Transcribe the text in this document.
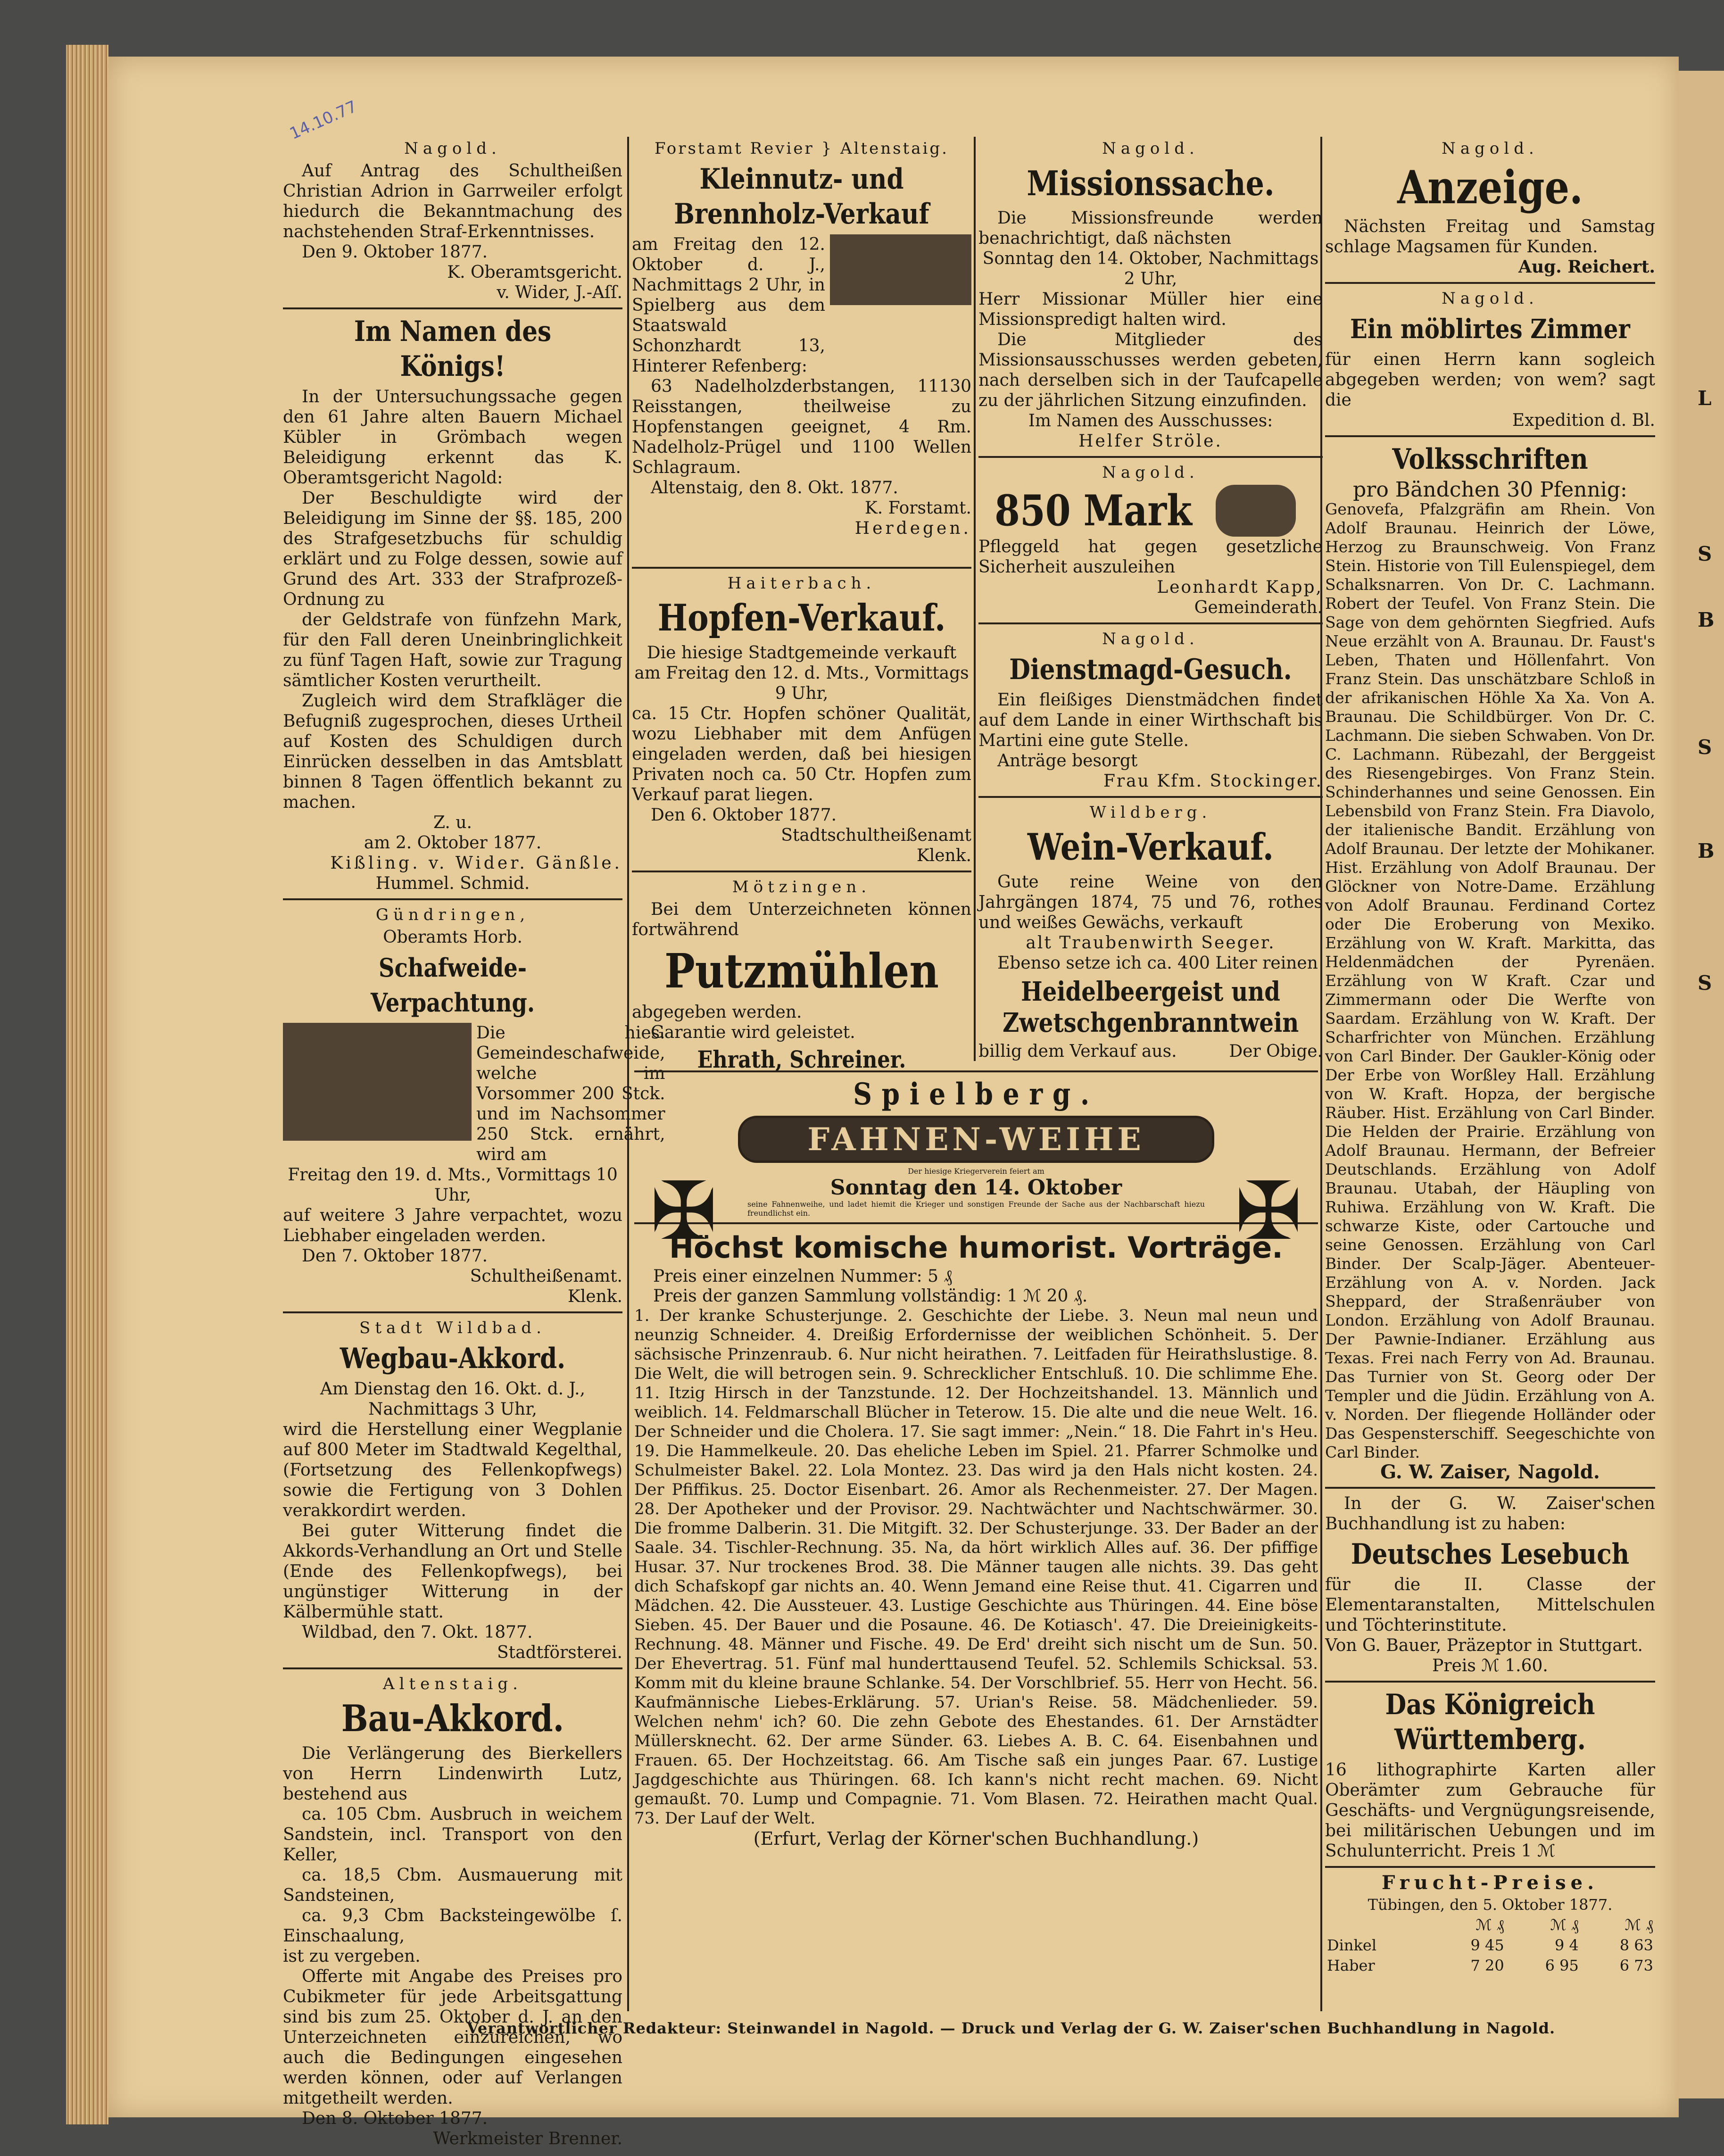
L
S
B
S
B
S
14.10.77
Nagold.

Auf Antrag des Schultheißen Christian Adrion in Garrweiler erfolgt hiedurch die Bekanntmachung des nachstehenden Straf-Erkenntnisses.

Den 9. Oktober 1877.

K. Oberamtsgericht.

v. Wider, J.-Aſſ.

Im Namen des Königs!

In der Untersuchungssache gegen den 61 Jahre alten Bauern Michael Kübler in Grömbach wegen Beleidigung erkennt das K. Oberamtsgericht Nagold:

Der Beschuldigte wird der Beleidigung im Sinne der §§. 185, 200 des Strafgesetzbuchs für schuldig erklärt und zu Folge dessen, sowie auf Grund des Art. 333 der Strafprozeß-Ordnung zu

der Geldstrafe von fünfzehn Mark, für den Fall deren Uneinbringlichkeit zu fünf Tagen Haft, sowie zur Tragung sämtlicher Kosten verurtheilt.

Zugleich wird dem Strafkläger die Befugniß zugesprochen, dieses Urtheil auf Kosten des Schuldigen durch Einrücken desselben in das Amtsblatt binnen 8 Tagen öffentlich bekannt zu machen.

Z. u.

am 2. Oktober 1877.

Kißling. v. Wider. Gänßle.

Hummel. Schmid.

Gündringen,
Oberamts Horb.
Schafweide-Verpachtung.

Die hies. Gemeindeschafweide, welche im Vorsommer 200 Stck. und im Nachsommer 250 Stck. ernährt, wird am

Freitag den 19. d. Mts., Vormittags 10 Uhr,

auf weitere 3 Jahre verpachtet, wozu Liebhaber eingeladen werden.

Den 7. Oktober 1877.

Schultheißenamt.

Klenk.

Stadt Wildbad.
Wegbau-Akkord.

Am Dienstag den 16. Okt. d. J., Nachmittags 3 Uhr,

wird die Herstellung einer Wegplanie auf 800 Meter im Stadtwald Kegelthal, (Fortsetzung des Fellenkopfwegs) sowie die Fertigung von 3 Dohlen verakkordirt werden.

Bei guter Witterung findet die Akkords-Verhandlung an Ort und Stelle (Ende des Fellenkopfwegs), bei ungünstiger Witterung in der Kälbermühle statt.

Wildbad, den 7. Okt. 1877.

Stadtförsterei.

Altenstaig.
Bau-Akkord.

Die Verlängerung des Bierkellers von Herrn Lindenwirth Lutz, bestehend aus

ca. 105 Cbm. Ausbruch in weichem Sandstein, incl. Transport von den Keller,

ca. 18,5 Cbm. Ausmauerung mit Sandsteinen,

ca. 9,3 Cbm Backsteingewölbe ſ. Einschaalung,

ist zu vergeben.

Offerte mit Angabe des Preises pro Cubikmeter für jede Arbeitsgattung sind bis zum 25. Oktober d. J. an den Unterzeichneten einzureichen, wo auch die Bedingungen eingesehen werden können, oder auf Verlangen mitgetheilt werden.

Den 8. Oktober 1877.

Werkmeister Brenner.

Forstamt Revier } Altenstaig.
Kleinnutz- und Brennholz-Verkauf

am Freitag den 12. Oktober d. J., Nachmittags 2 Uhr, in Spielberg aus dem Staatswald Schonzhardt 13, Hinterer Refenberg:

63 Nadelholzderbstangen, 11130 Reisstangen, theilweise zu Hopfenstangen geeignet, 4 Rm. Nadelholz-Prügel und 1100 Wellen Schlagraum.

Altenstaig, den 8. Okt. 1877.

K. Forstamt.

Herdegen.

Haiterbach.
Hopfen-Verkauf.

Die hiesige Stadtgemeinde verkauft am Freitag den 12. d. Mts., Vormittags 9 Uhr,

ca. 15 Ctr. Hopfen schöner Qualität, wozu Liebhaber mit dem Anfügen eingeladen werden, daß bei hiesigen Privaten noch ca. 50 Ctr. Hopfen zum Verkauf parat liegen.

Den 6. Oktober 1877.

Stadtschultheißenamt

Klenk.

Mötzingen.

Bei dem Unterzeichneten können fortwährend

Putzmühlen

abgegeben werden.

Garantie wird geleistet.

Ehrath, Schreiner.

Nagold.
Missionssache.

Die Missionsfreunde werden benachrichtigt, daß nächsten

Sonntag den 14. Oktober, Nachmittags 2 Uhr,

Herr Missionar Müller hier eine Missionspredigt halten wird.

Die Mitglieder des Missionsausschusses werden gebeten, nach derselben sich in der Taufcapelle zu der jährlichen Sitzung einzufinden.

Im Namen des Ausschusses:

Helfer Ströle.

Nagold.
850 Mark

Pfleggeld hat gegen gesetzliche Sicherheit auszuleihen

Leonhardt Kapp,

Gemeinderath.

Nagold.
Dienstmagd-Gesuch.

Ein fleißiges Dienstmädchen findet auf dem Lande in einer Wirthschaft bis Martini eine gute Stelle.

Anträge besorgt

Frau Kfm. Stockinger.

Wildberg.
Wein-Verkauf.

Gute reine Weine von den Jahrgängen 1874, 75 und 76, rothes und weißes Gewächs, verkauft

alt Traubenwirth Seeger.

Ebenso setze ich ca. 400 Liter reinen

Heidelbeergeist und Zwetschgenbranntwein
billig dem Verkauf aus.	Der Obige.
Spielberg.
FAHNEN-WEIHE
✠	✠

Der hiesige Kriegerverein feiert am

Sonntag den 14. Oktober

seine Fahnenweihe, und ladet hiemit die Krieger und sonstigen Freunde der Sache aus der Nachbarschaft hiezu freundlichst ein.

Höchst komische humorist. Vorträge.

Preis einer einzelnen Nummer: 5 ₰

Preis der ganzen Sammlung vollständig: 1 ℳ 20 ₰.

1. Der kranke Schusterjunge. 2. Geschichte der Liebe. 3. Neun mal neun und neunzig Schneider. 4. Dreißig Erfordernisse der weiblichen Schönheit. 5. Der sächsische Prinzenraub. 6. Nur nicht heirathen. 7. Leitfaden für Heirathslustige. 8. Die Welt, die will betrogen sein. 9. Schrecklicher Entschluß. 10. Die schlimme Ehe. 11. Itzig Hirsch in der Tanzstunde. 12. Der Hochzeitshandel. 13. Männlich und weiblich. 14. Feldmarschall Blücher in Teterow. 15. Die alte und die neue Welt. 16. Der Schneider und die Cholera. 17. Sie sagt immer: „Nein.“ 18. Die Fahrt in's Heu. 19. Die Hammelkeule. 20. Das eheliche Leben im Spiel. 21. Pfarrer Schmolke und Schulmeister Bakel. 22. Lola Montez. 23. Das wird ja den Hals nicht kosten. 24. Der Pfiffikus. 25. Doctor Eisenbart. 26. Amor als Rechenmeister. 27. Der Magen. 28. Der Apotheker und der Provisor. 29. Nachtwächter und Nachtschwärmer. 30. Die fromme Dalberin. 31. Die Mitgift. 32. Der Schusterjunge. 33. Der Bader an der Saale. 34. Tischler-Rechnung. 35. Na, da hört wirklich Alles auf. 36. Der pfiffige Husar. 37. Nur trockenes Brod. 38. Die Männer taugen alle nichts. 39. Das geht dich Schafskopf gar nichts an. 40. Wenn Jemand eine Reise thut. 41. Cigarren und Mädchen. 42. Die Aussteuer. 43. Lustige Geschichte aus Thüringen. 44. Eine böse Sieben. 45. Der Bauer und die Posaune. 46. De Kotiasch'. 47. Die Dreieinigkeits-Rechnung. 48. Männer und Fische. 49. De Erd' dreiht sich nischt um de Sun. 50. Der Ehevertrag. 51. Fünf mal hunderttausend Teufel. 52. Schlemils Schicksal. 53. Komm mit du kleine braune Schlanke. 54. Der Vorschlbrief. 55. Herr von Hecht. 56. Kaufmännische Liebes-Erklärung. 57. Urian's Reise. 58. Mädchenlieder. 59. Welchen nehm' ich? 60. Die zehn Gebote des Ehestandes. 61. Der Arnstädter Müllersknecht. 62. Der arme Sünder. 63. Liebes A. B. C. 64. Eisenbahnen und Frauen. 65. Der Hochzeitstag. 66. Am Tische saß ein junges Paar. 67. Lustige Jagdgeschichte aus Thüringen. 68. Ich kann's nicht recht machen. 69. Nicht gemaußt. 70. Lump und Compagnie. 71. Vom Blasen. 72. Heirathen macht Qual. 73. Der Lauf der Welt.

(Erfurt, Verlag der Körner'schen Buchhandlung.)

Nagold.
Anzeige.

Nächsten Freitag und Samstag schlage Magsamen für Kunden.

Aug. Reichert.

Nagold.
Ein möblirtes Zimmer

für einen Herrn kann sogleich abgegeben werden; von wem? sagt die

Expedition d. Bl.

Volksschriften

pro Bändchen 30 Pfennig:

Genovefa, Pfalzgräfin am Rhein. Von Adolf Braunau. Heinrich der Löwe, Herzog zu Braunschweig. Von Franz Stein. Historie von Till Eulenspiegel, dem Schalksnarren. Von Dr. C. Lachmann. Robert der Teufel. Von Franz Stein. Die Sage von dem gehörnten Siegfried. Aufs Neue erzählt von A. Braunau. Dr. Faust's Leben, Thaten und Höllenfahrt. Von Franz Stein. Das unschätzbare Schloß in der afrikanischen Höhle Xa Xa. Von A. Braunau. Die Schildbürger. Von Dr. C. Lachmann. Die sieben Schwaben. Von Dr. C. Lachmann. Rübezahl, der Berggeist des Riesengebirges. Von Franz Stein. Schinderhannes und seine Genossen. Ein Lebensbild von Franz Stein. Fra Diavolo, der italienische Bandit. Erzählung von Adolf Braunau. Der letzte der Mohikaner. Hist. Erzählung von Adolf Braunau. Der Glöckner von Notre-Dame. Erzählung von Adolf Braunau. Ferdinand Cortez oder Die Eroberung von Mexiko. Erzählung von W. Kraft. Markitta, das Heldenmädchen der Pyrenäen. Erzählung von W Kraft. Czar und Zimmermann oder Die Werfte von Saardam. Erzählung von W. Kraft. Der Scharfrichter von München. Erzählung von Carl Binder. Der Gaukler-König oder Der Erbe von Worßley Hall. Erzählung von W. Kraft. Hopza, der bergische Räuber. Hist. Erzählung von Carl Binder. Die Helden der Prairie. Erzählung von Adolf Braunau. Hermann, der Befreier Deutschlands. Erzählung von Adolf Braunau. Utabah, der Häupling von Ruhiwa. Erzählung von W. Kraft. Die schwarze Kiste, oder Cartouche und seine Genossen. Erzählung von Carl Binder. Der Scalp-Jäger. Abenteuer-Erzählung von A. v. Norden. Jack Sheppard, der Straßenräuber von London. Erzählung von Adolf Braunau. Der Pawnie-Indianer. Erzählung aus Texas. Frei nach Ferry von Ad. Braunau. Das Turnier von St. Georg oder Der Templer und die Jüdin. Erzählung von A. v. Norden. Der fliegende Holländer oder Das Gespensterschiff. Seegeschichte von Carl Binder.

G. W. Zaiser, Nagold.

In der G. W. Zaiser'schen Buchhandlung ist zu haben:

Deutsches Lesebuch

für die II. Classe der Elementaranstalten, Mittelschulen und Töchterinstitute.

Von G. Bauer, Präzeptor in Stuttgart.

Preis ℳ 1.60.

Das Königreich Württemberg.

16 lithographirte Karten aller Oberämter zum Gebrauche für Geschäfts- und Vergnügungsreisende, bei militärischen Uebungen und im Schulunterricht. Preis 1 ℳ

Frucht-Preise.

Tübingen, den 5. Oktober 1877.

	ℳ ₰	ℳ ₰	ℳ ₰
Dinkel	9 45	9 4	8 63
Haber	7 20	6 95	6 73
Verantwortlicher Redakteur: Steinwandel in Nagold. — Druck und Verlag der G. W. Zaiser'schen Buchhandlung in Nagold.
